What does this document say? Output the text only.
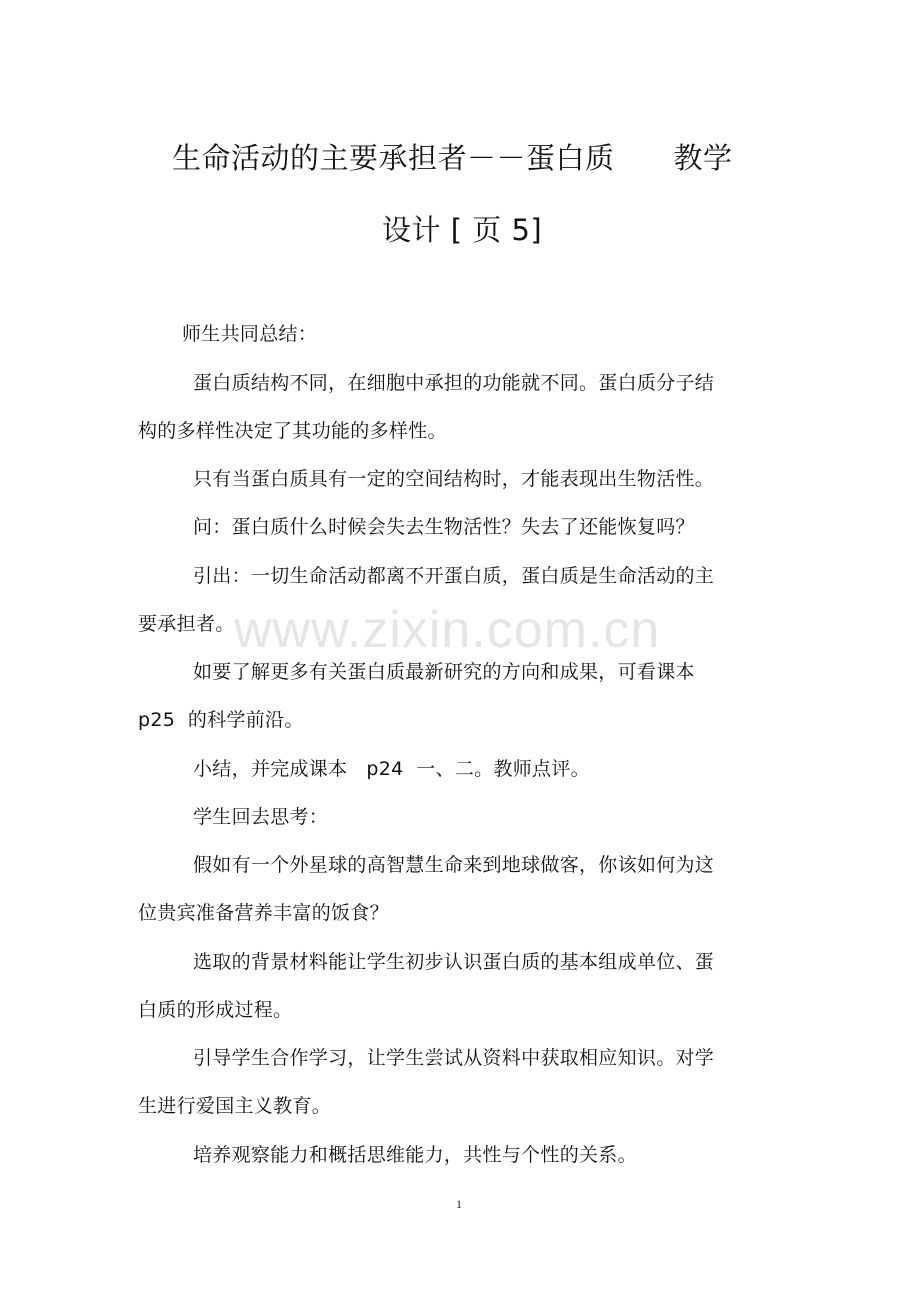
生命活动的主要承担者－－蛋白质　　教学
设计 [ 页 5]
师生共同总结：
蛋白质结构不同，在细胞中承担的功能就不同。蛋白质分子结
构的多样性决定了其功能的多样性。
只有当蛋白质具有一定的空间结构时，才能表现出生物活性。
问：蛋白质什么时候会失去生物活性？失去了还能恢复吗？
引出：一切生命活动都离不开蛋白质，蛋白质是生命活动的主
要承担者。
如要了解更多有关蛋白质最新研究的方向和成果，可看课本
p25  的科学前沿。
小结，并完成课本   p24  一、二。教师点评。
学生回去思考：
假如有一个外星球的高智慧生命来到地球做客，你该如何为这
位贵宾准备营养丰富的饭食？
选取的背景材料能让学生初步认识蛋白质的基本组成单位、蛋
白质的形成过程。
引导学生合作学习，让学生尝试从资料中获取相应知识。对学
生进行爱国主义教育。
培养观察能力和概括思维能力，共性与个性的关系。
www.zixin.com.cn
1
